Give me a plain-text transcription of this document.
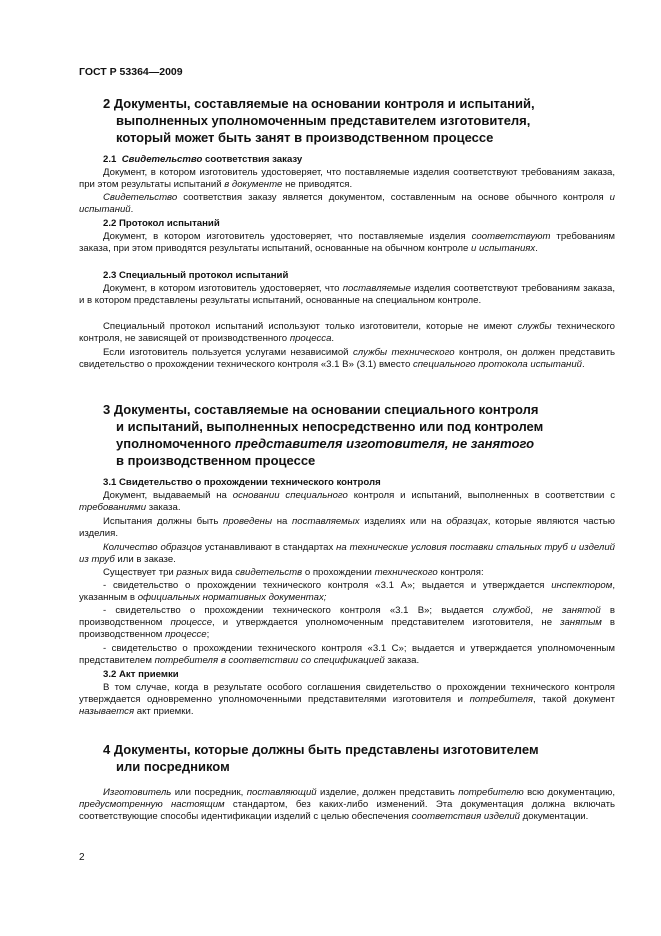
ГОСТ Р 53364—2009
2 Документы, составляемые на основании контроля и испытаний,
выполненных уполномоченным представителем изготовителя,
который может быть занят в производственном процессе
2.1 Свидетельство соответствия заказу

Документ, в котором изготовитель удостоверяет, что поставляемые изделия соответствуют требованиям заказа, при этом результаты испытаний в документе не приводятся.

Свидетельство соответствия заказу является документом, составленным на основе обычного контроля и испытаний.

2.2 Протокол испытаний

Документ, в котором изготовитель удостоверяет, что поставляемые изделия соответствуют требованиям заказа, при этом приводятся результаты испытаний, основанные на обычном контроле и испытаниях.

2.3 Специальный протокол испытаний

Документ, в котором изготовитель удостоверяет, что поставляемые изделия соответствуют требованиям заказа, и в котором представлены результаты испытаний, основанные на специальном контроле.

Специальный протокол испытаний используют только изготовители, которые не имеют службы технического контроля, не зависящей от производственного процесса.

Если изготовитель пользуется услугами независимой службы технического контроля, он должен представить свидетельство о прохождении технического контроля «3.1 В» (3.1) вместо специального протокола испытаний.

3 Документы, составляемые на основании специального контроля
и испытаний, выполненных непосредственно или под контролем
уполномоченного представителя изготовителя, не занятого
в производственном процессе
3.1 Свидетельство о прохождении технического контроля

Документ, выдаваемый на основании специального контроля и испытаний, выполненных в соответствии с требованиями заказа.

Испытания должны быть проведены на поставляемых изделиях или на образцах, которые являются частью изделия.

Количество образцов устанавливают в стандартах на технические условия поставки стальных труб и изделий из труб или в заказе.

Существует три разных вида свидетельств о прохождении технического контроля:

- свидетельство о прохождении технического контроля «3.1 А»; выдается и утверждается инспектором, указанным в официальных нормативных документах;

- свидетельство о прохождении технического контроля «3.1 В»; выдается службой, не занятой в производственном процессе, и утверждается уполномоченным представителем изготовителя, не занятым в производственном процессе;

- свидетельство о прохождении технического контроля «3.1 С»; выдается и утверждается уполномоченным представителем потребителя в соответствии со спецификацией заказа.

3.2 Акт приемки

В том случае, когда в результате особого соглашения свидетельство о прохождении технического контроля утверждается одновременно уполномоченными представителями изготовителя и потребителя, такой документ называется акт приемки.

4 Документы, которые должны быть представлены изготовителем
или посредником

Изготовитель или посредник, поставляющий изделие, должен представить потребителю всю документацию, предусмотренную настоящим стандартом, без каких-либо изменений. Эта документация должна включать соответствующие способы идентификации изделий с целью обеспечения соответствия изделий документации.

2
